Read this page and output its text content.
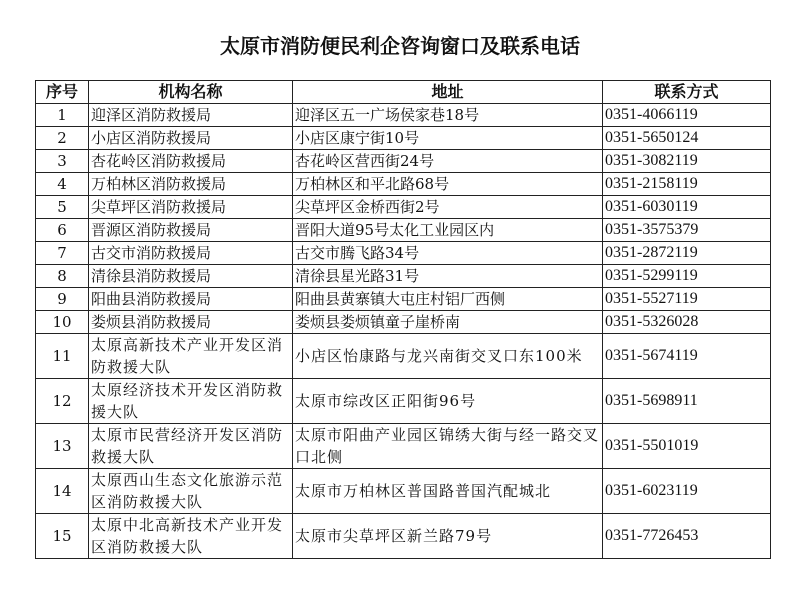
太原市消防便民利企咨询窗口及联系电话
序号	机构名称	地址	联系方式
1	迎泽区消防救援局	迎泽区五一广场侯家巷18号	0351-4066119
2	小店区消防救援局	小店区康宁街10号	0351-5650124
3	杏花岭区消防救援局	杏花岭区营西街24号	0351-3082119
4	万柏林区消防救援局	万柏林区和平北路68号	0351-2158119
5	尖草坪区消防救援局	尖草坪区金桥西街2号	0351-6030119
6	晋源区消防救援局	晋阳大道95号太化工业园区内	0351-3575379
7	古交市消防救援局	古交市腾飞路34号	0351-2872119
8	清徐县消防救援局	清徐县星光路31号	0351-5299119
9	阳曲县消防救援局	阳曲县黄寨镇大屯庄村铝厂西侧	0351-5527119
10	娄烦县消防救援局	娄烦县娄烦镇童子崖桥南	0351-5326028
11	太原高新技术产业开发区消防救援大队	小店区怡康路与龙兴南街交叉口东100米	0351-5674119
12	太原经济技术开发区消防救援大队	太原市综改区正阳街96号	0351-5698911
13	太原市民营经济开发区消防救援大队	太原市阳曲产业园区锦绣大街与经一路交叉口北侧	0351-5501019
14	太原西山生态文化旅游示范区消防救援大队	太原市万柏林区普国路普国汽配城北	0351-6023119
15	太原中北高新技术产业开发区消防救援大队	太原市尖草坪区新兰路79号	0351-7726453
